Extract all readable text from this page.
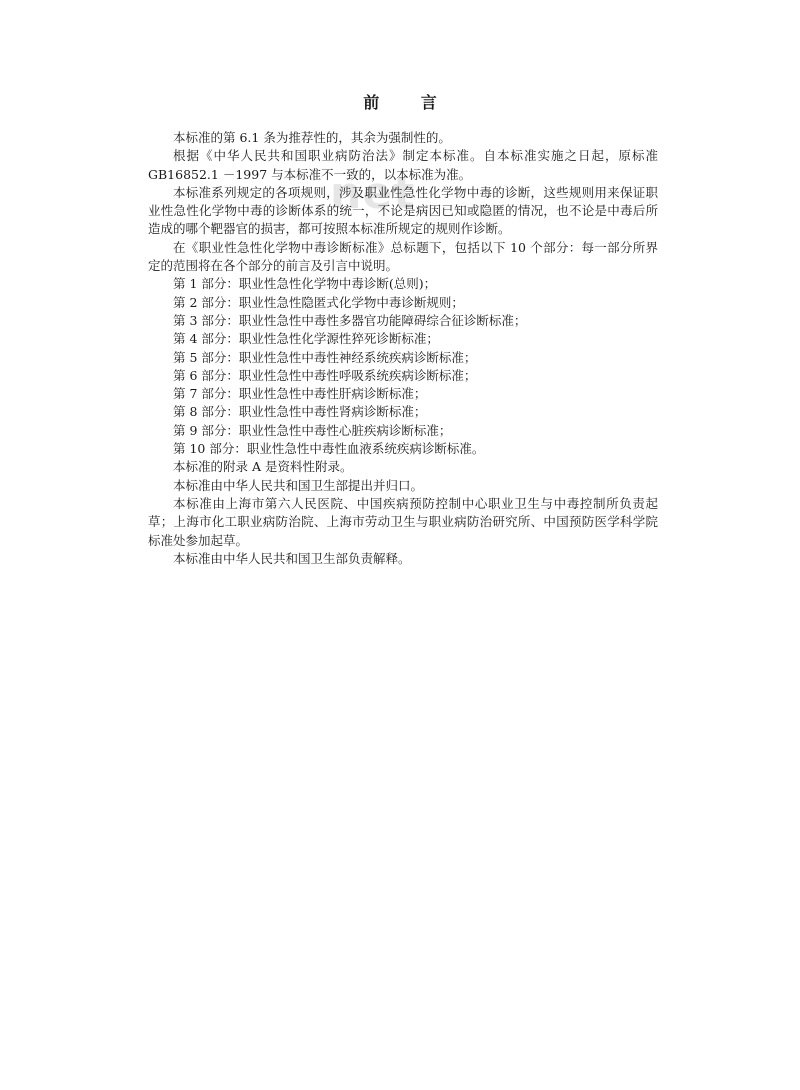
net
前 言

本标准的第 6.1 条为推荐性的，其余为强制性的。

根据《中华人民共和国职业病防治法》制定本标准。自本标准实施之日起，原标准 GB16852.1 －1997 与本标准不一致的，以本标准为准。

本标准系列规定的各项规则，涉及职业性急性化学物中毒的诊断，这些规则用来保证职业性急性化学物中毒的诊断体系的统一，不论是病因已知或隐匿的情况，也不论是中毒后所造成的哪个靶器官的损害，都可按照本标准所规定的规则作诊断。

在《职业性急性化学物中毒诊断标准》总标题下，包括以下 10 个部分：每一部分所界定的范围将在各个部分的前言及引言中说明。

第 1 部分：职业性急性化学物中毒诊断(总则)；

第 2 部分：职业性急性隐匿式化学物中毒诊断规则；

第 3 部分：职业性急性中毒性多器官功能障碍综合征诊断标准；

第 4 部分：职业性急性化学源性猝死诊断标准；

第 5 部分：职业性急性中毒性神经系统疾病诊断标准；

第 6 部分：职业性急性中毒性呼吸系统疾病诊断标准；

第 7 部分：职业性急性中毒性肝病诊断标准；

第 8 部分：职业性急性中毒性肾病诊断标准；

第 9 部分：职业性急性中毒性心脏疾病诊断标准；

第 10 部分：职业性急性中毒性血液系统疾病诊断标准。

本标准的附录 A 是资料性附录。

本标准由中华人民共和国卫生部提出并归口。

本标准由上海市第六人民医院、中国疾病预防控制中心职业卫生与中毒控制所负责起草；上海市化工职业病防治院、上海市劳动卫生与职业病防治研究所、中国预防医学科学院标准处参加起草。

本标准由中华人民共和国卫生部负责解释。
